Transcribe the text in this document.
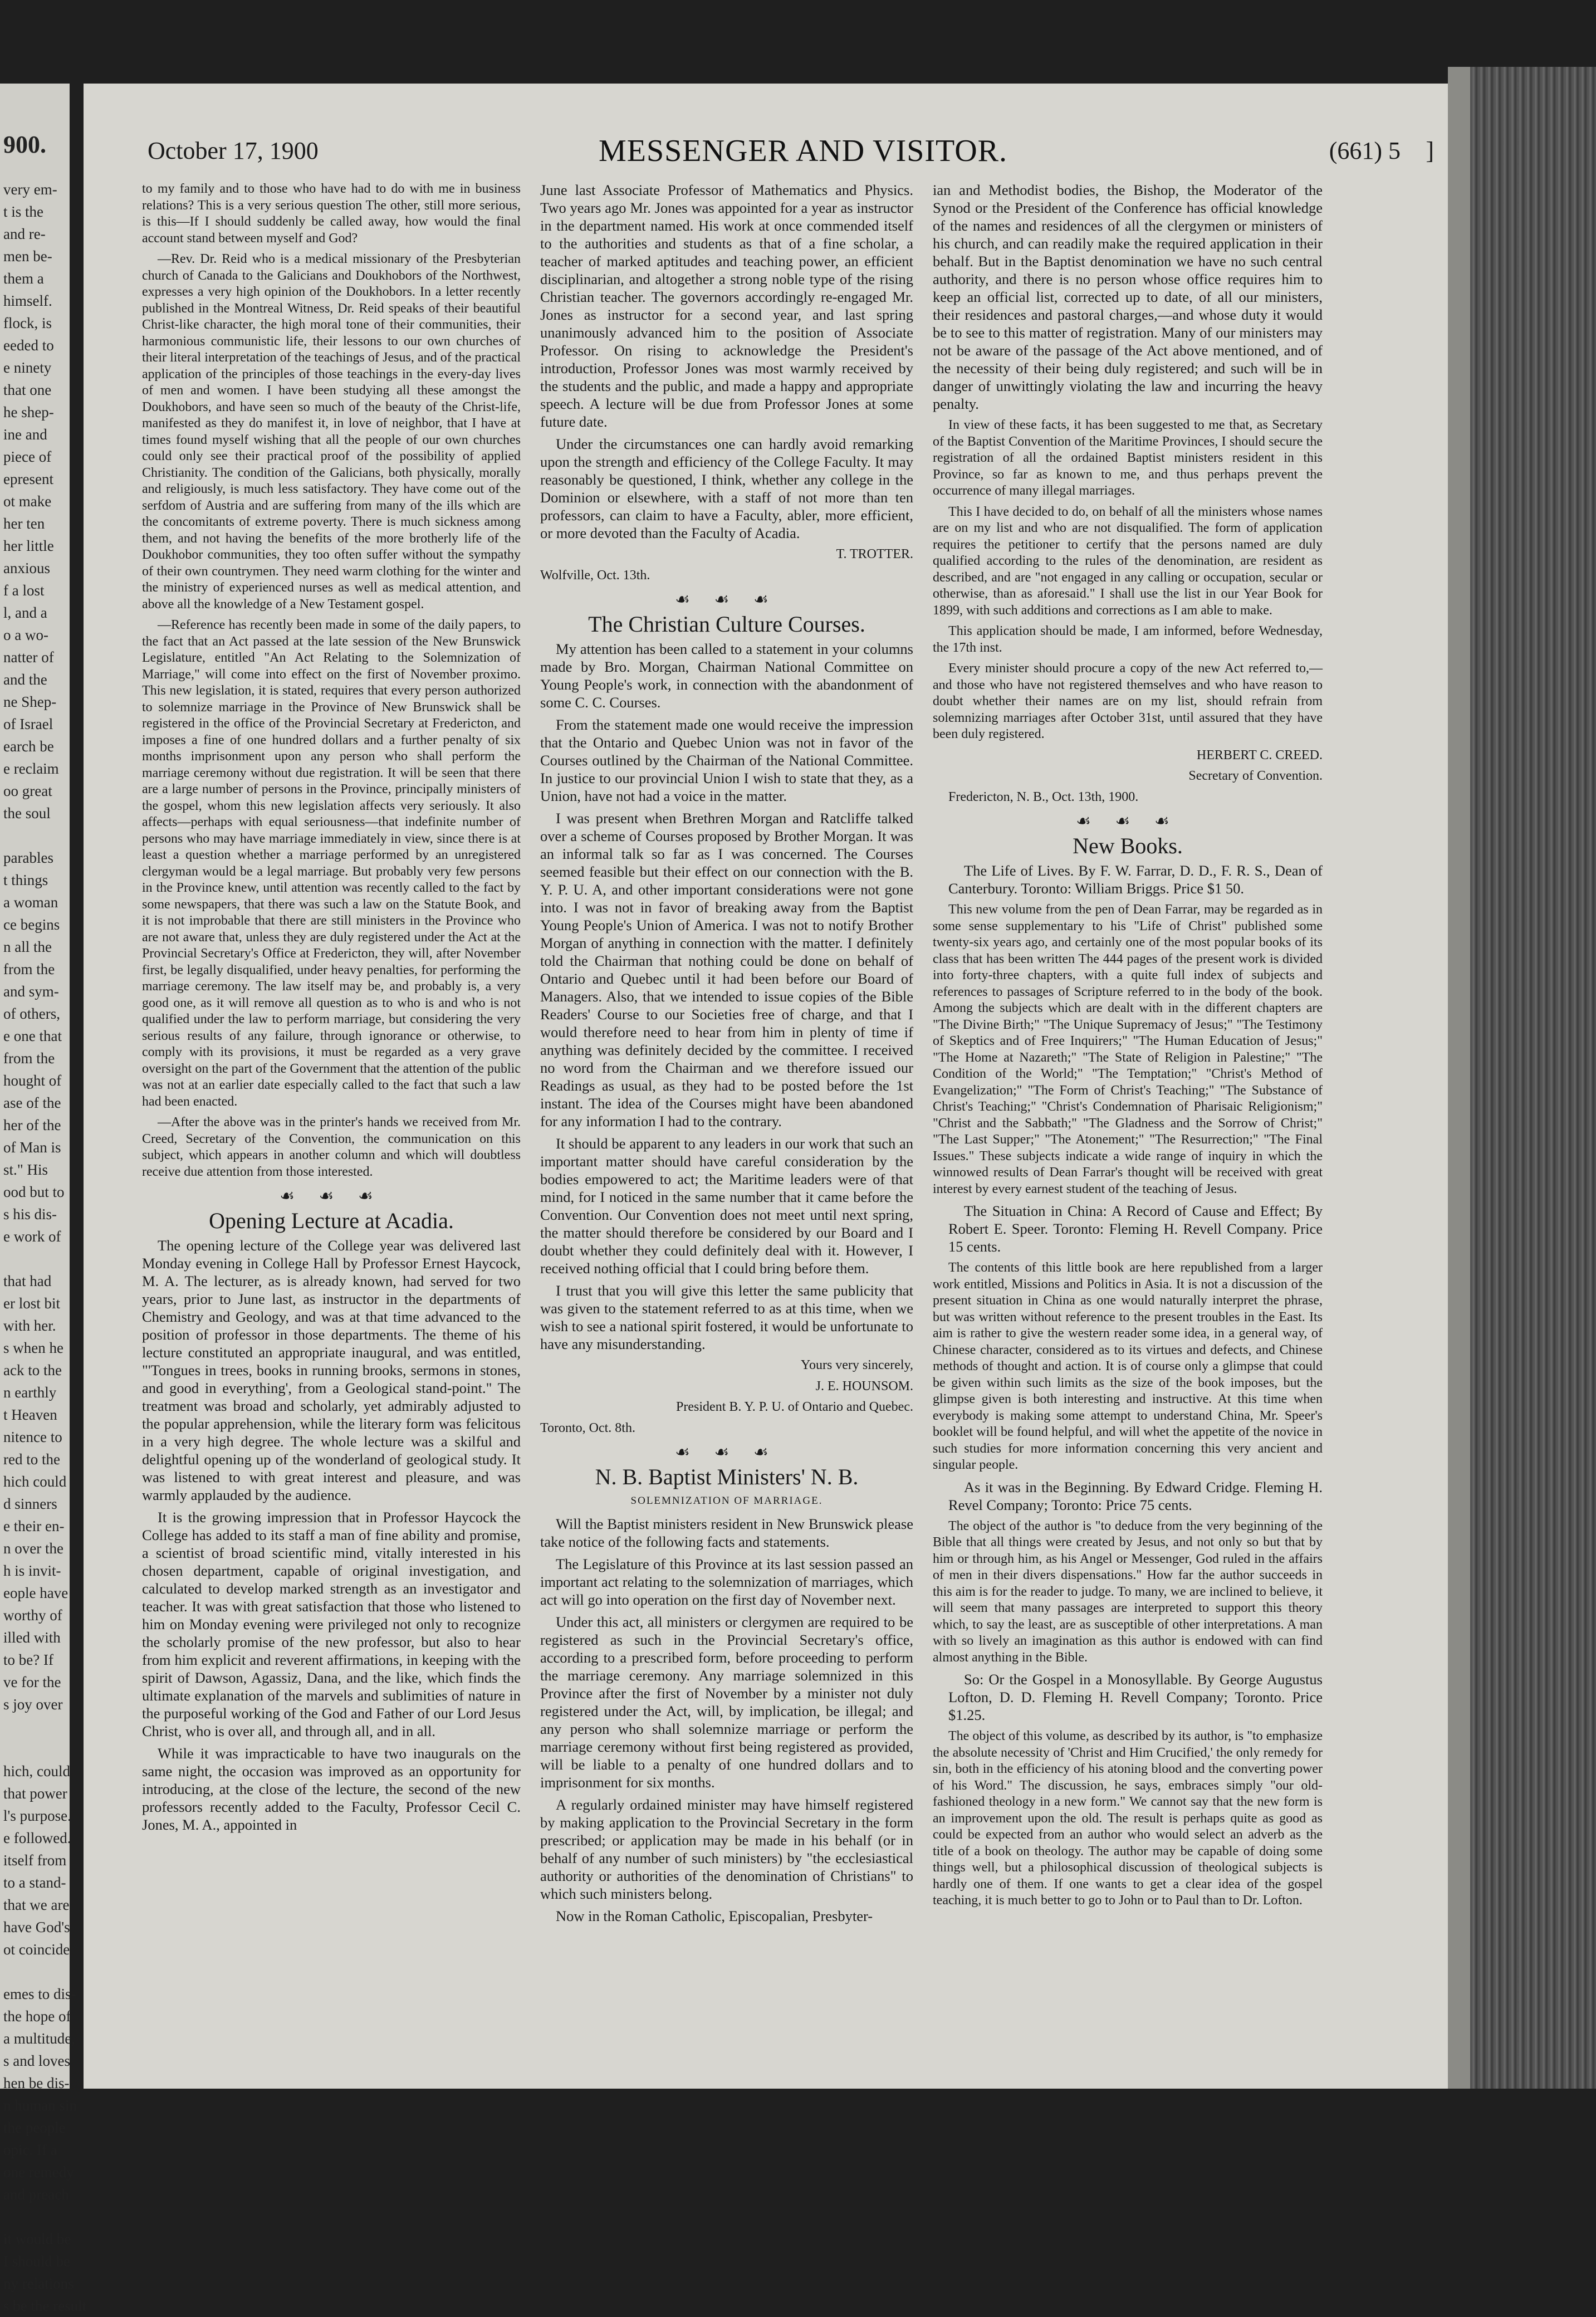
900.
very em-
t is the
and re-
men be-
them a
himself.
flock, is
eeded to
e ninety
that one
he shep-
ine and
piece of
epresent
ot make
her ten
her little
anxious
f a lost
l, and a
o a wo-
natter of
and the
ne Shep-
of Israel
earch be
e reclaim
oo great
the soul

parables
t things
a woman
ce begins
n all the
from the
and sym-
of others,
e one that
from the
hought of
ase of the
her of the
of Man is
st." His
ood but to
s his dis-
e work of

that had
er lost bit
with her.
s when he
ack to the
n earthly
t Heaven
nitence to
red to the
hich could
d sinners
e their en-
n over the
h is invit-
eople have
worthy of
illed with
to be? If
ve for the
s joy over

hich, could
that power
l's purpose.
e followed.
itself from
to a stand-
that we are
have God's
ot coincide

emes to dis-
the hope of
a multitude,
s and loves
hen be dis-
n human sin
the people
opic. If a
one remedy
and preach

it would be
I should be
ny relations
s be the result
October 17, 1900	MESSENGER AND VISITOR.	(661) 5 ]

to my family and to those who have had to do with me in business relations? This is a very serious question The other, still more serious, is this—If I should suddenly be called away, how would the final account stand between myself and God?

—Rev. Dr. Reid who is a medical missionary of the Presbyterian church of Canada to the Galicians and Doukhobors of the Northwest, expresses a very high opinion of the Doukhobors. In a letter recently published in the Montreal Witness, Dr. Reid speaks of their beautiful Christ-like character, the high moral tone of their communities, their harmonious communistic life, their lessons to our own churches of their literal interpretation of the teachings of Jesus, and of the practical application of the principles of those teachings in the every-day lives of men and women. I have been studying all these amongst the Doukhobors, and have seen so much of the beauty of the Christ-life, manifested as they do manifest it, in love of neighbor, that I have at times found myself wishing that all the people of our own churches could only see their practical proof of the possibility of applied Christianity. The condition of the Galicians, both physically, morally and religiously, is much less satisfactory. They have come out of the serfdom of Austria and are suffering from many of the ills which are the concomitants of extreme poverty. There is much sickness among them, and not having the benefits of the more brotherly life of the Doukhobor communities, they too often suffer without the sympathy of their own countrymen. They need warm clothing for the winter and the ministry of experienced nurses as well as medical attention, and above all the knowledge of a New Testament gospel.

—Reference has recently been made in some of the daily papers, to the fact that an Act passed at the late session of the New Brunswick Legislature, entitled "An Act Relating to the Solemnization of Marriage," will come into effect on the first of November proximo. This new legislation, it is stated, requires that every person authorized to solemnize marriage in the Province of New Brunswick shall be registered in the office of the Provincial Secretary at Fredericton, and imposes a fine of one hundred dollars and a further penalty of six months imprisonment upon any person who shall perform the marriage ceremony without due registration. It will be seen that there are a large number of persons in the Province, principally ministers of the gospel, whom this new legislation affects very seriously. It also affects—perhaps with equal seriousness—that indefinite number of persons who may have marriage immediately in view, since there is at least a question whether a marriage performed by an unregistered clergyman would be a legal marriage. But probably very few persons in the Province knew, until attention was recently called to the fact by some newspapers, that there was such a law on the Statute Book, and it is not improbable that there are still ministers in the Province who are not aware that, unless they are duly registered under the Act at the Provincial Secretary's Office at Fredericton, they will, after November first, be legally disqualified, under heavy penalties, for performing the marriage ceremony. The law itself may be, and probably is, a very good one, as it will remove all question as to who is and who is not qualified under the law to perform marriage, but considering the very serious results of any failure, through ignorance or otherwise, to comply with its provisions, it must be regarded as a very grave oversight on the part of the Government that the attention of the public was not at an earlier date especially called to the fact that such a law had been enacted.

—After the above was in the printer's hands we received from Mr. Creed, Secretary of the Convention, the communication on this subject, which appears in another column and which will doubtless receive due attention from those interested.

☙ ☙ ☙
Opening Lecture at Acadia.

The opening lecture of the College year was delivered last Monday evening in College Hall by Professor Ernest Haycock, M. A. The lecturer, as is already known, had served for two years, prior to June last, as instructor in the departments of Chemistry and Geology, and was at that time advanced to the position of professor in those departments. The theme of his lecture constituted an appropriate inaugural, and was entitled, "'Tongues in trees, books in running brooks, sermons in stones, and good in everything', from a Geological stand-point." The treatment was broad and scholarly, yet admirably adjusted to the popular apprehension, while the literary form was felicitous in a very high degree. The whole lecture was a skilful and delightful opening up of the wonderland of geological study. It was listened to with great interest and pleasure, and was warmly applauded by the audience.

It is the growing impression that in Professor Haycock the College has added to its staff a man of fine ability and promise, a scientist of broad scientific mind, vitally interested in his chosen department, capable of original investigation, and calculated to develop marked strength as an investigator and teacher. It was with great satisfaction that those who listened to him on Monday evening were privileged not only to recognize the scholarly promise of the new professor, but also to hear from him explicit and reverent affirmations, in keeping with the spirit of Dawson, Agassiz, Dana, and the like, which finds the ultimate explanation of the marvels and sublimities of nature in the purposeful working of the God and Father of our Lord Jesus Christ, who is over all, and through all, and in all.

While it was impracticable to have two inaugurals on the same night, the occasion was improved as an opportunity for introducing, at the close of the lecture, the second of the new professors recently added to the Faculty, Professor Cecil C. Jones, M. A., appointed in

June last Associate Professor of Mathematics and Physics. Two years ago Mr. Jones was appointed for a year as instructor in the department named. His work at once commended itself to the authorities and students as that of a fine scholar, a teacher of marked aptitudes and teaching power, an efficient disciplinarian, and altogether a strong noble type of the rising Christian teacher. The governors accordingly re-engaged Mr. Jones as instructor for a second year, and last spring unanimously advanced him to the position of Associate Professor. On rising to acknowledge the President's introduction, Professor Jones was most warmly received by the students and the public, and made a happy and appropriate speech. A lecture will be due from Professor Jones at some future date.

Under the circumstances one can hardly avoid remarking upon the strength and efficiency of the College Faculty. It may reasonably be questioned, I think, whether any college in the Dominion or elsewhere, with a staff of not more than ten professors, can claim to have a Faculty, abler, more efficient, or more devoted than the Faculty of Acadia.

T. TROTTER.

Wolfville, Oct. 13th.

☙ ☙ ☙
The Christian Culture Courses.

My attention has been called to a statement in your columns made by Bro. Morgan, Chairman National Committee on Young People's work, in connection with the abandonment of some C. C. Courses.

From the statement made one would receive the impression that the Ontario and Quebec Union was not in favor of the Courses outlined by the Chairman of the National Committee. In justice to our provincial Union I wish to state that they, as a Union, have not had a voice in the matter.

I was present when Brethren Morgan and Ratcliffe talked over a scheme of Courses proposed by Brother Morgan. It was an informal talk so far as I was concerned. The Courses seemed feasible but their effect on our connection with the B. Y. P. U. A, and other important considerations were not gone into. I was not in favor of breaking away from the Baptist Young People's Union of America. I was not to notify Brother Morgan of anything in connection with the matter. I definitely told the Chairman that nothing could be done on behalf of Ontario and Quebec until it had been before our Board of Managers. Also, that we intended to issue copies of the Bible Readers' Course to our Societies free of charge, and that I would therefore need to hear from him in plenty of time if anything was definitely decided by the committee. I received no word from the Chairman and we therefore issued our Readings as usual, as they had to be posted before the 1st instant. The idea of the Courses might have been abandoned for any information I had to the contrary.

It should be apparent to any leaders in our work that such an important matter should have careful consideration by the bodies empowered to act; the Maritime leaders were of that mind, for I noticed in the same number that it came before the Convention. Our Convention does not meet until next spring, the matter should therefore be considered by our Board and I doubt whether they could definitely deal with it. However, I received nothing official that I could bring before them.

I trust that you will give this letter the same publicity that was given to the statement referred to as at this time, when we wish to see a national spirit fostered, it would be unfortunate to have any misunderstanding.

Yours very sincerely,

J. E. HOUNSOM.

President B. Y. P. U. of Ontario and Quebec.

Toronto, Oct. 8th.

☙ ☙ ☙
N. B. Baptist Ministers' N. B.
SOLEMNIZATION OF MARRIAGE.

Will the Baptist ministers resident in New Brunswick please take notice of the following facts and statements.

The Legislature of this Province at its last session passed an important act relating to the solemnization of marriages, which act will go into operation on the first day of November next.

Under this act, all ministers or clergymen are required to be registered as such in the Provincial Secretary's office, according to a prescribed form, before proceeding to perform the marriage ceremony. Any marriage solemnized in this Province after the first of November by a minister not duly registered under the Act, will, by implication, be illegal; and any person who shall solemnize marriage or perform the marriage ceremony without first being registered as provided, will be liable to a penalty of one hundred dollars and to imprisonment for six months.

A regularly ordained minister may have himself registered by making application to the Provincial Secretary in the form prescribed; or application may be made in his behalf (or in behalf of any number of such ministers) by "the ecclesiastical authority or authorities of the denomination of Christians" to which such ministers belong.

Now in the Roman Catholic, Episcopalian, Presbyter-

ian and Methodist bodies, the Bishop, the Moderator of the Synod or the President of the Conference has official knowledge of the names and residences of all the clergymen or ministers of his church, and can readily make the required application in their behalf. But in the Baptist denomination we have no such central authority, and there is no person whose office requires him to keep an official list, corrected up to date, of all our ministers, their residences and pastoral charges,—and whose duty it would be to see to this matter of registration. Many of our ministers may not be aware of the passage of the Act above mentioned, and of the necessity of their being duly registered; and such will be in danger of unwittingly violating the law and incurring the heavy penalty.

In view of these facts, it has been suggested to me that, as Secretary of the Baptist Convention of the Maritime Provinces, I should secure the registration of all the ordained Baptist ministers resident in this Province, so far as known to me, and thus perhaps prevent the occurrence of many illegal marriages.

This I have decided to do, on behalf of all the ministers whose names are on my list and who are not disqualified. The form of application requires the petitioner to certify that the persons named are duly qualified according to the rules of the denomination, are resident as described, and are "not engaged in any calling or occupation, secular or otherwise, than as aforesaid." I shall use the list in our Year Book for 1899, with such additions and corrections as I am able to make.

This application should be made, I am informed, before Wednesday, the 17th inst.

Every minister should procure a copy of the new Act referred to,—and those who have not registered themselves and who have reason to doubt whether their names are on my list, should refrain from solemnizing marriages after October 31st, until assured that they have been duly registered.

HERBERT C. CREED.

Secretary of Convention.

Fredericton, N. B., Oct. 13th, 1900.

☙ ☙ ☙
New Books.

The Life of Lives. By F. W. Farrar, D. D., F. R. S., Dean of Canterbury. Toronto: William Briggs. Price $1 50.

This new volume from the pen of Dean Farrar, may be regarded as in some sense supplementary to his "Life of Christ" published some twenty-six years ago, and certainly one of the most popular books of its class that has been written The 444 pages of the present work is divided into forty-three chapters, with a quite full index of subjects and references to passages of Scripture referred to in the body of the book. Among the subjects which are dealt with in the different chapters are "The Divine Birth;" "The Unique Supremacy of Jesus;" "The Testimony of Skeptics and of Free Inquirers;" "The Human Education of Jesus;" "The Home at Nazareth;" "The State of Religion in Palestine;" "The Condition of the World;" "The Temptation;" "Christ's Method of Evangelization;" "The Form of Christ's Teaching;" "The Substance of Christ's Teaching;" "Christ's Condemnation of Pharisaic Religionism;" "Christ and the Sabbath;" "The Gladness and the Sorrow of Christ;" "The Last Supper;" "The Atonement;" "The Resurrection;" "The Final Issues." These subjects indicate a wide range of inquiry in which the winnowed results of Dean Farrar's thought will be received with great interest by every earnest student of the teaching of Jesus.

The Situation in China: A Record of Cause and Effect; By Robert E. Speer. Toronto: Fleming H. Revell Company. Price 15 cents.

The contents of this little book are here republished from a larger work entitled, Missions and Politics in Asia. It is not a discussion of the present situation in China as one would naturally interpret the phrase, but was written without reference to the present troubles in the East. Its aim is rather to give the western reader some idea, in a general way, of Chinese character, considered as to its virtues and defects, and Chinese methods of thought and action. It is of course only a glimpse that could be given within such limits as the size of the book imposes, but the glimpse given is both interesting and instructive. At this time when everybody is making some attempt to understand China, Mr. Speer's booklet will be found helpful, and will whet the appetite of the novice in such studies for more information concerning this very ancient and singular people.

As it was in the Beginning. By Edward Cridge. Fleming H. Revel Company; Toronto: Price 75 cents.

The object of the author is "to deduce from the very beginning of the Bible that all things were created by Jesus, and not only so but that by him or through him, as his Angel or Messenger, God ruled in the affairs of men in their divers dispensations." How far the author succeeds in this aim is for the reader to judge. To many, we are inclined to believe, it will seem that many passages are interpreted to support this theory which, to say the least, are as susceptible of other interpretations. A man with so lively an imagination as this author is endowed with can find almost anything in the Bible.

So: Or the Gospel in a Monosyllable. By George Augustus Lofton, D. D. Fleming H. Revell Company; Toronto. Price $1.25.

The object of this volume, as described by its author, is "to emphasize the absolute necessity of 'Christ and Him Crucified,' the only remedy for sin, both in the efficiency of his atoning blood and the converting power of his Word." The discussion, he says, embraces simply "our old-fashioned theology in a new form." We cannot say that the new form is an improvement upon the old. The result is perhaps quite as good as could be expected from an author who would select an adverb as the title of a book on theology. The author may be capable of doing some things well, but a philosophical discussion of theological subjects is hardly one of them. If one wants to get a clear idea of the gospel teaching, it is much better to go to John or to Paul than to Dr. Lofton.
